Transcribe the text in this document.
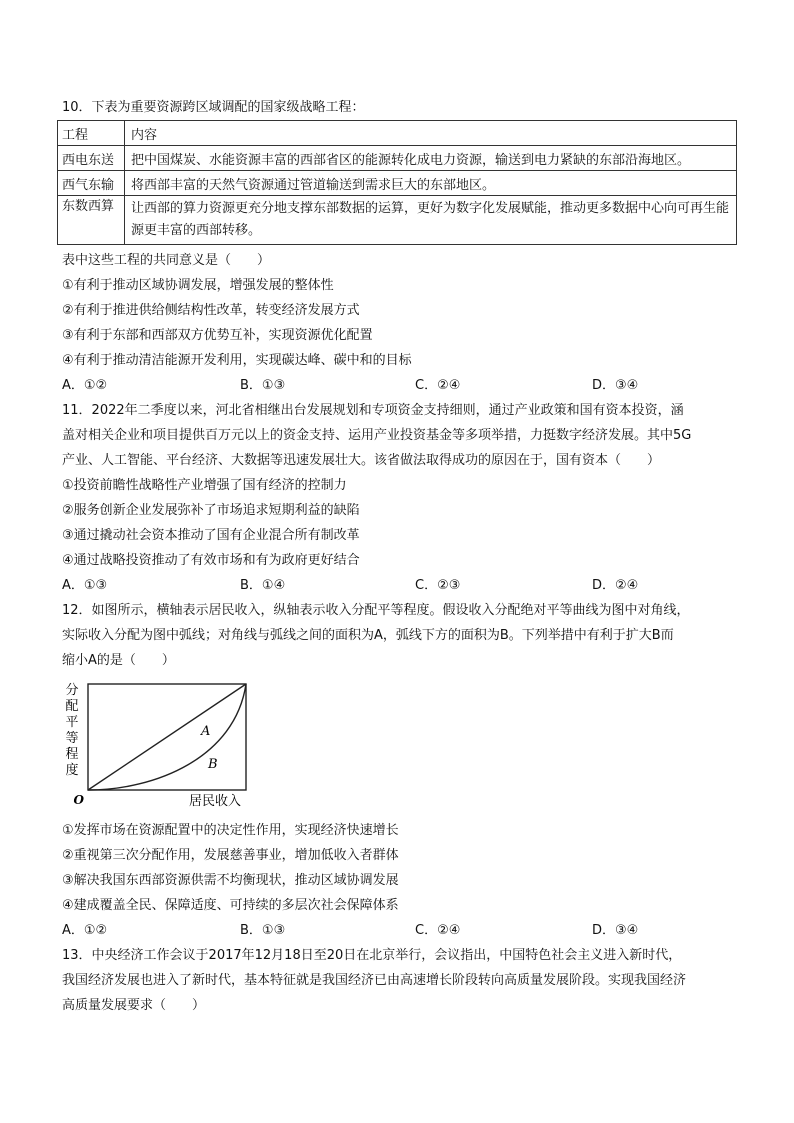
10．下表为重要资源跨区域调配的国家级战略工程：

工程	内容
西电东送	把中国煤炭、水能资源丰富的西部省区的能源转化成电力资源，输送到电力紧缺的东部沿海地区。
西气东输	将西部丰富的天然气资源通过管道输送到需求巨大的东部地区。
东数西算	让西部的算力资源更充分地支撑东部数据的运算，更好为数字化发展赋能，推动更多数据中心向可再生能源更丰富的西部转移。

表中这些工程的共同意义是（　　）

①有利于推动区域协调发展，增强发展的整体性

②有利于推进供给侧结构性改革，转变经济发展方式

③有利于东部和西部双方优势互补，实现资源优化配置

④有利于推动清洁能源开发利用，实现碳达峰、碳中和的目标

A．①②	B．①③	C．②④	D．③④

11．2022年二季度以来，河北省相继出台发展规划和专项资金支持细则，通过产业政策和国有资本投资，涵

盖对相关企业和项目提供百万元以上的资金支持、运用产业投资基金等多项举措，力挺数字经济发展。其中5G

产业、人工智能、平台经济、大数据等迅速发展壮大。该省做法取得成功的原因在于，国有资本（　　）

①投资前瞻性战略性产业增强了国有经济的控制力

②服务创新企业发展弥补了市场追求短期利益的缺陷

③通过撬动社会资本推动了国有企业混合所有制改革

④通过战略投资推动了有效市场和有为政府更好结合

A．①③	B．①④	C．②③	D．②④

12．如图所示，横轴表示居民收入，纵轴表示收入分配平等程度。假设收入分配绝对平等曲线为图中对角线，

实际收入分配为图中弧线；对角线与弧线之间的面积为A，弧线下方的面积为B。下列举措中有利于扩大B而

缩小A的是（　　）

分
配
平
等
程
度
O
A
B
居民收入

①发挥市场在资源配置中的决定性作用，实现经济快速增长

②重视第三次分配作用，发展慈善事业，增加低收入者群体

③解决我国东西部资源供需不均衡现状，推动区域协调发展

④建成覆盖全民、保障适度、可持续的多层次社会保障体系

A．①②	B．①③	C．②④	D．③④

13．中央经济工作会议于2017年12月18日至20日在北京举行，会议指出，中国特色社会主义进入新时代，

我国经济发展也进入了新时代，基本特征就是我国经济已由高速增长阶段转向高质量发展阶段。实现我国经济

高质量发展要求（　　）
